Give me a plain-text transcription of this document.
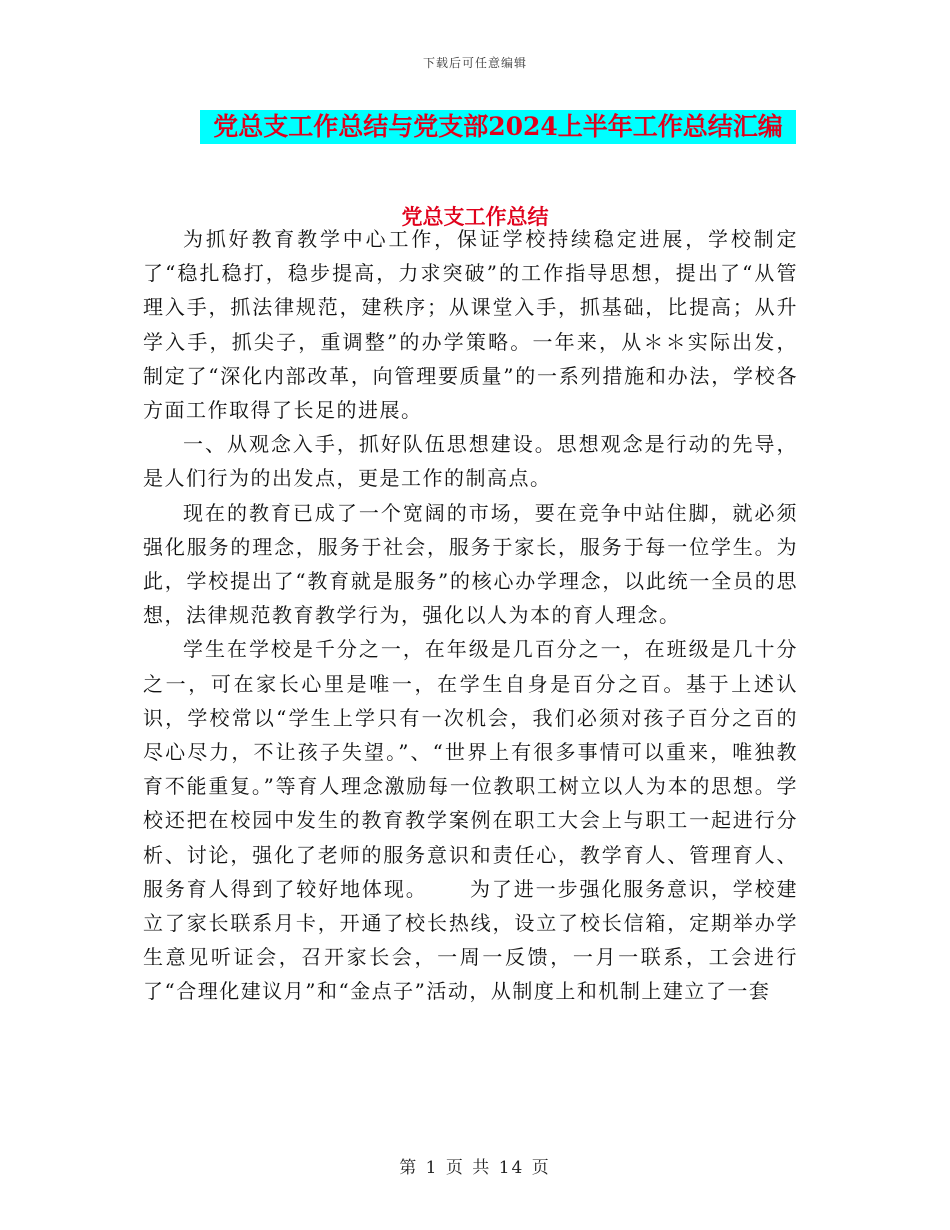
下载后可任意编辑
党总支工作总结与党支部2024上半年工作总结汇编
党总支工作总结

为抓好教育教学中心工作，保证学校持续稳定进展，学校制定了“稳扎稳打，稳步提高，力求突破”的工作指导思想，提出了“从管理入手，抓法律规范，建秩序；从课堂入手，抓基础，比提高；从升学入手，抓尖子，重调整”的办学策略。一年来，从＊＊实际出发，制定了“深化内部改革，向管理要质量”的一系列措施和办法，学校各方面工作取得了长足的进展。

一、从观念入手，抓好队伍思想建设。思想观念是行动的先导，是人们行为的出发点，更是工作的制高点。

现在的教育已成了一个宽阔的市场，要在竞争中站住脚，就必须强化服务的理念，服务于社会，服务于家长，服务于每一位学生。为此，学校提出了“教育就是服务”的核心办学理念，以此统一全员的思想，法律规范教育教学行为，强化以人为本的育人理念。

学生在学校是千分之一，在年级是几百分之一，在班级是几十分之一，可在家长心里是唯一，在学生自身是百分之百。基于上述认识，学校常以“学生上学只有一次机会，我们必须对孩子百分之百的尽心尽力，不让孩子失望。”、“世界上有很多事情可以重来，唯独教育不能重复。”等育人理念激励每一位教职工树立以人为本的思想。学校还把在校园中发生的教育教学案例在职工大会上与职工一起进行分析、讨论，强化了老师的服务意识和责任心，教学育人、管理育人、服务育人得到了较好地体现。 为了进一步强化服务意识，学校建立了家长联系月卡，开通了校长热线，设立了校长信箱，定期举办学生意见听证会，召开家长会，一周一反馈，一月一联系，工会进行了“合理化建议月”和“金点子”活动，从制度上和机制上建立了一套

第 1 页 共 14 页
